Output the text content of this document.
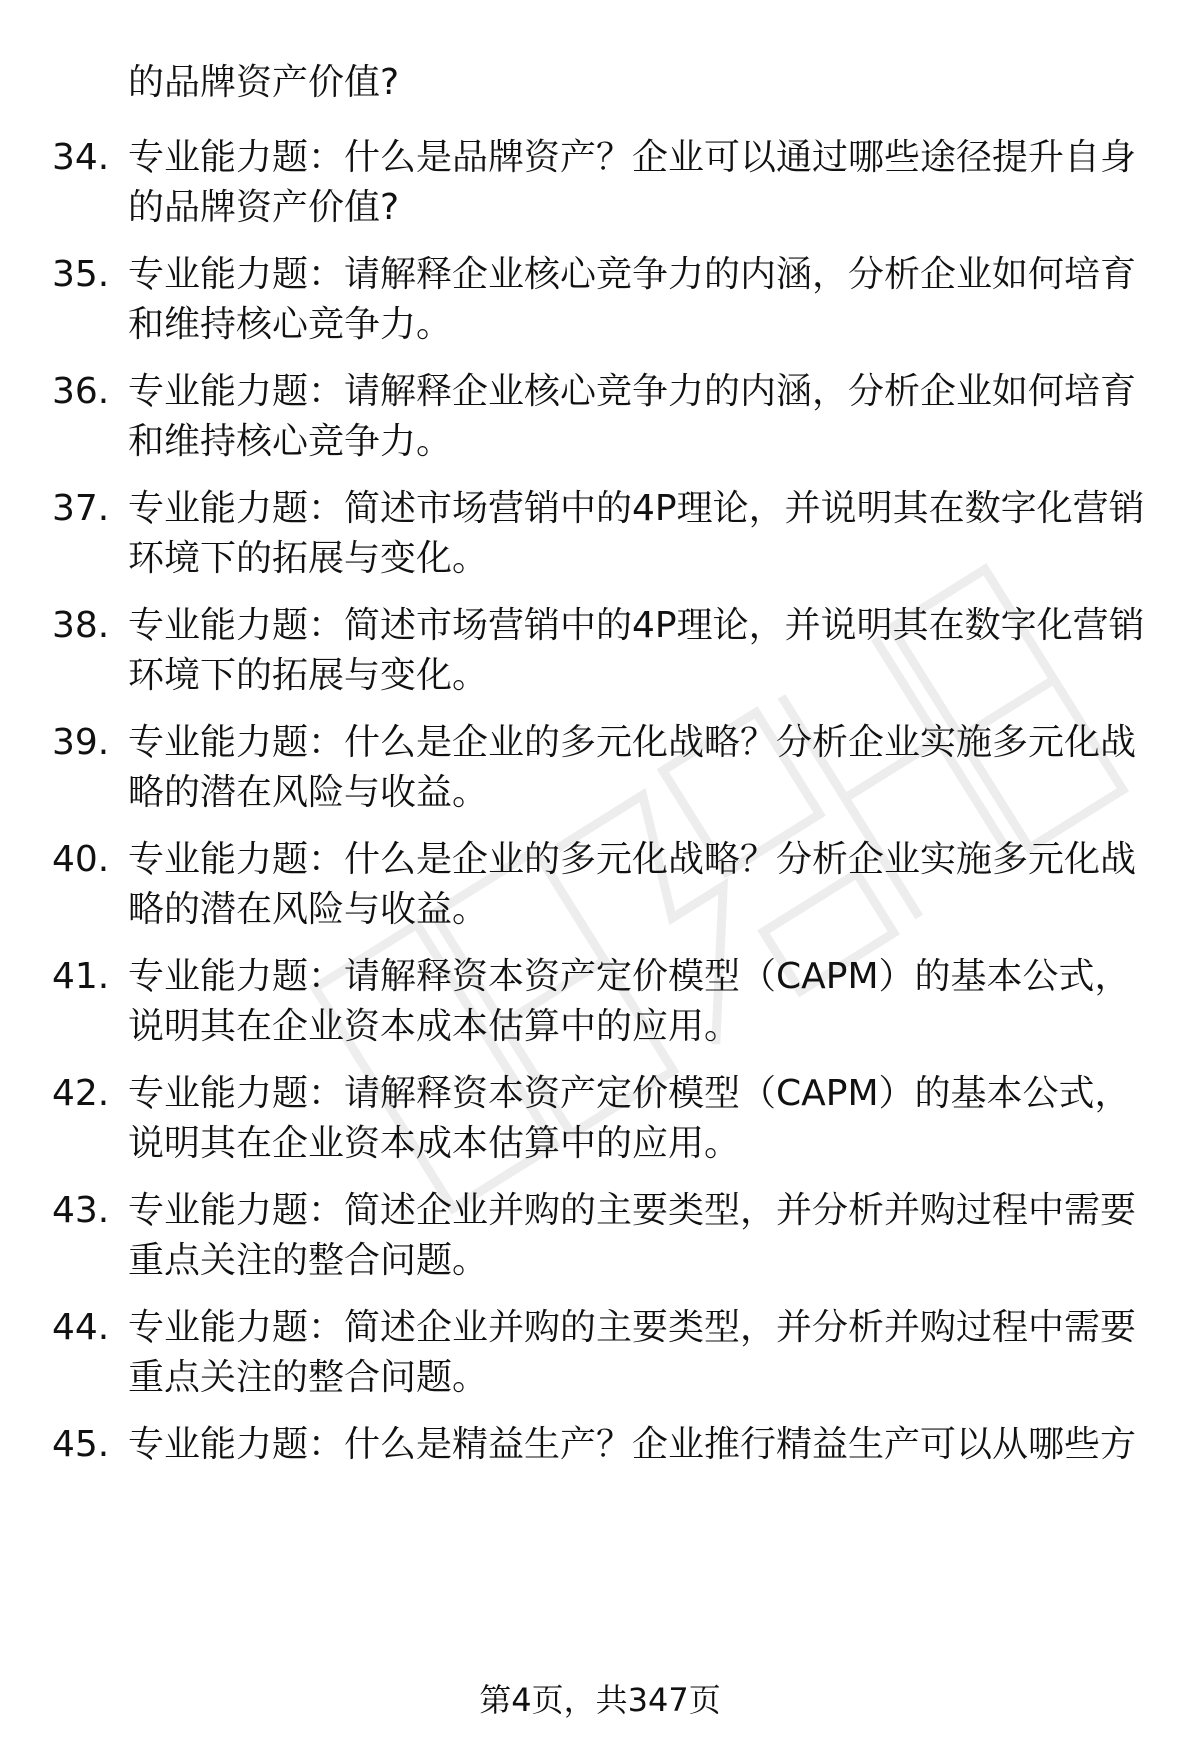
的品牌资产价值?
34. 专业能力题：什么是品牌资产？企业可以通过哪些途径提升自身
的品牌资产价值?
35. 专业能力题：请解释企业核心竞争力的内涵，分析企业如何培育
和维持核心竞争力。
36. 专业能力题：请解释企业核心竞争力的内涵，分析企业如何培育
和维持核心竞争力。
37. 专业能力题：简述市场营销中的4P理论，并说明其在数字化营销
环境下的拓展与变化。
38. 专业能力题：简述市场营销中的4P理论，并说明其在数字化营销
环境下的拓展与变化。
39. 专业能力题：什么是企业的多元化战略？分析企业实施多元化战
略的潜在风险与收益。
40. 专业能力题：什么是企业的多元化战略？分析企业实施多元化战
略的潜在风险与收益。
41. 专业能力题：请解释资本资产定价模型（CAPM）的基本公式，
说明其在企业资本成本估算中的应用。
42. 专业能力题：请解释资本资产定价模型（CAPM）的基本公式，
说明其在企业资本成本估算中的应用。
43. 专业能力题：简述企业并购的主要类型，并分析并购过程中需要
重点关注的整合问题。
44. 专业能力题：简述企业并购的主要类型，并分析并购过程中需要
重点关注的整合问题。
45. 专业能力题：什么是精益生产？企业推行精益生产可以从哪些方
第4页，共347页
